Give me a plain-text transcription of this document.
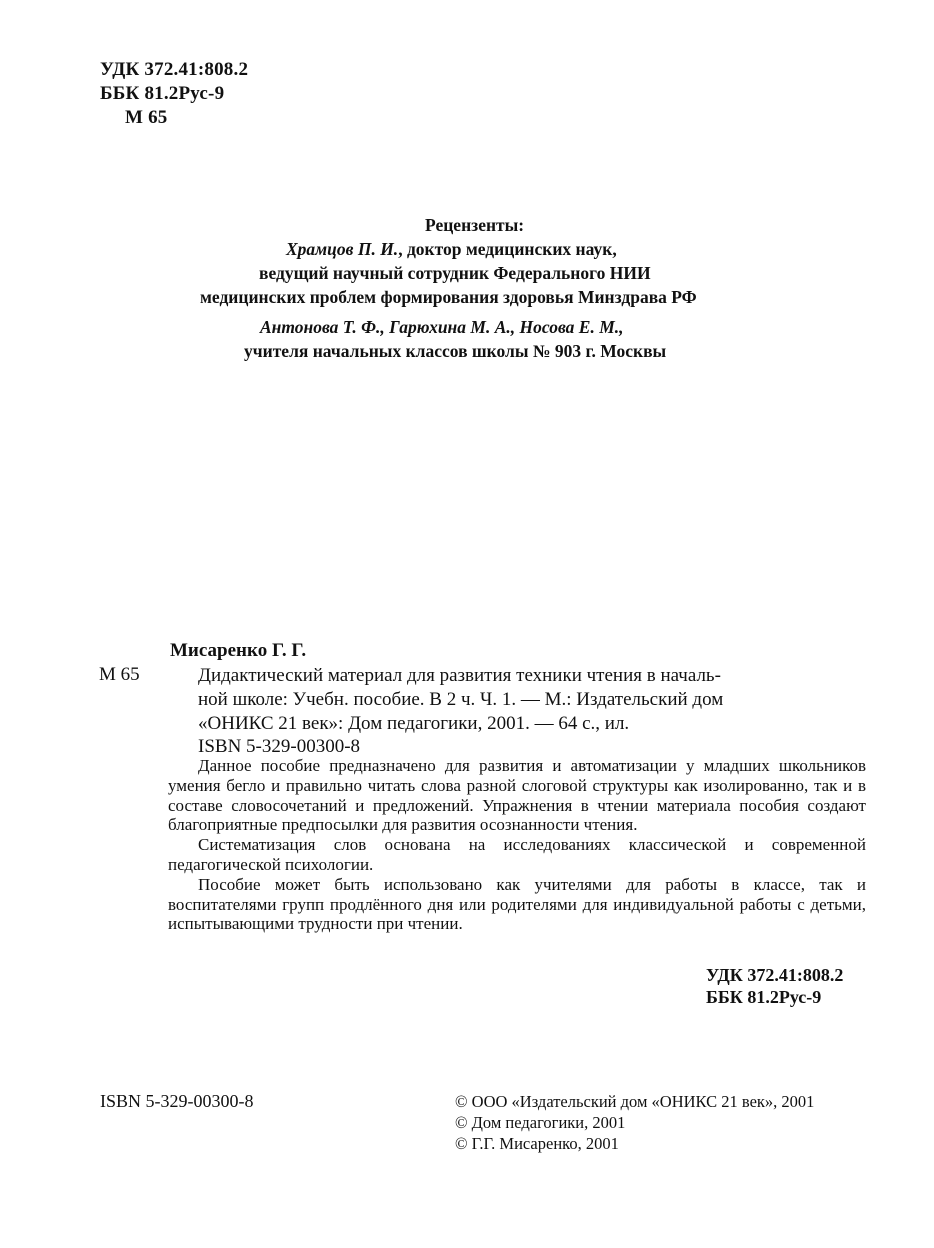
УДК 372.41:808.2
ББК 81.2Рус-9
М 65
Рецензенты:
Храмцов П. И., доктор медицинских наук,
ведущий научный сотрудник Федерального НИИ
медицинских проблем формирования здоровья Минздрава РФ
Антонова Т. Ф., Гарюхина М. А., Носова Е. М.,
учителя начальных классов школы № 903 г. Москвы
Мисаренко Г. Г.
М 65	Дидактический материал для развития техники чтения в началь-
ной школе: Учебн. пособие. В 2 ч. Ч. 1. — М.: Издательский дом
«ОНИКС 21 век»: Дом педагогики, 2001. — 64 с., ил.
ISBN 5-329-00300-8

Данное пособие предназначено для развития и автоматизации у младших школьников умения бегло и правильно читать слова разной слоговой структуры как изолированно, так и в составе словосочетаний и предложений. Упражнения в чтении материала пособия создают благоприятные предпосылки для развития осознанности чтения.

Систематизация слов основана на исследованиях классической и современной педагогической психологии.

Пособие может быть использовано как учителями для работы в классе, так и воспитателями групп продлённого дня или родителями для индивидуальной работы с детьми, испытывающими трудности при чтении.

УДК 372.41:808.2
ББК 81.2Рус-9
ISBN 5-329-00300-8	© ООО «Издательский дом «ОНИКС 21 век», 2001
© Дом педагогики, 2001
© Г.Г. Мисаренко, 2001
